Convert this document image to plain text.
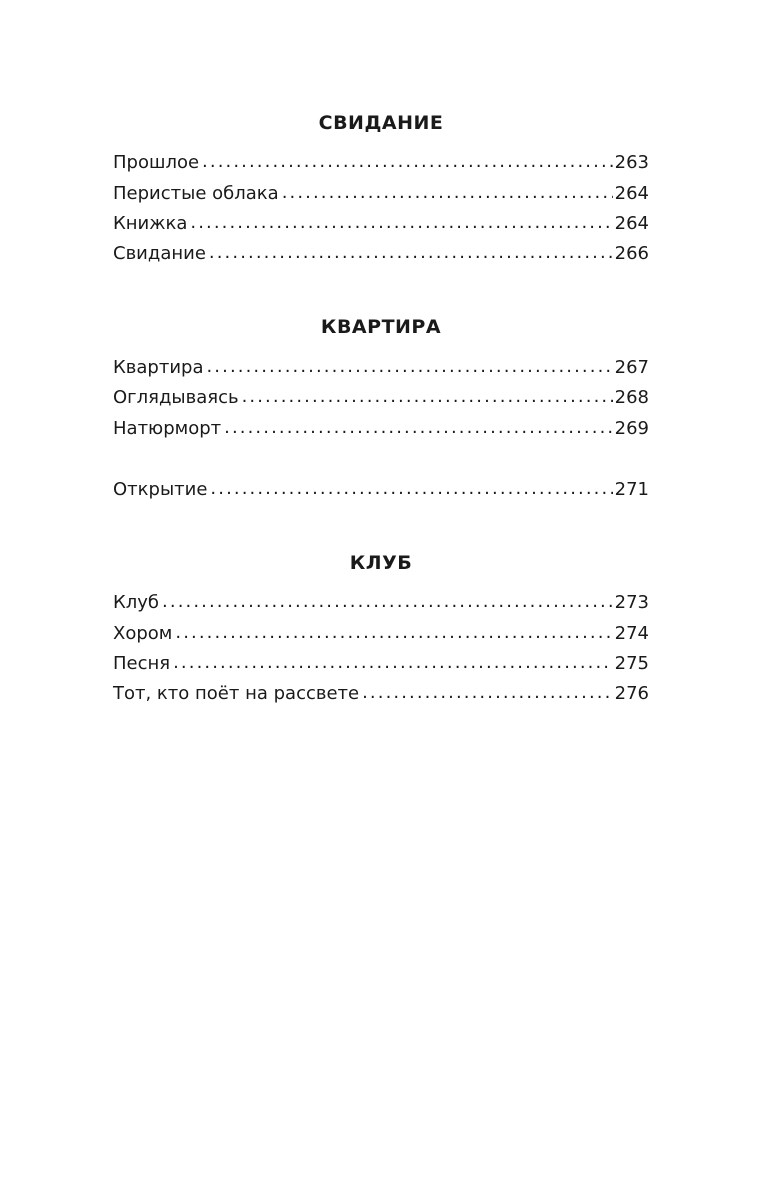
СВИДАНИЕ
Прошлое .....	263
Перистые облака .....	264
Книжка .....	264
Свидание .....	266
КВАРТИРА
Квартира .....	267
Оглядываясь .....	268
Натюрморт .....	269
Открытие .....	271
КЛУБ
Клуб .....	273
Хором .....	274
Песня .....	275
Тот, кто поёт на рассвете .....	276
